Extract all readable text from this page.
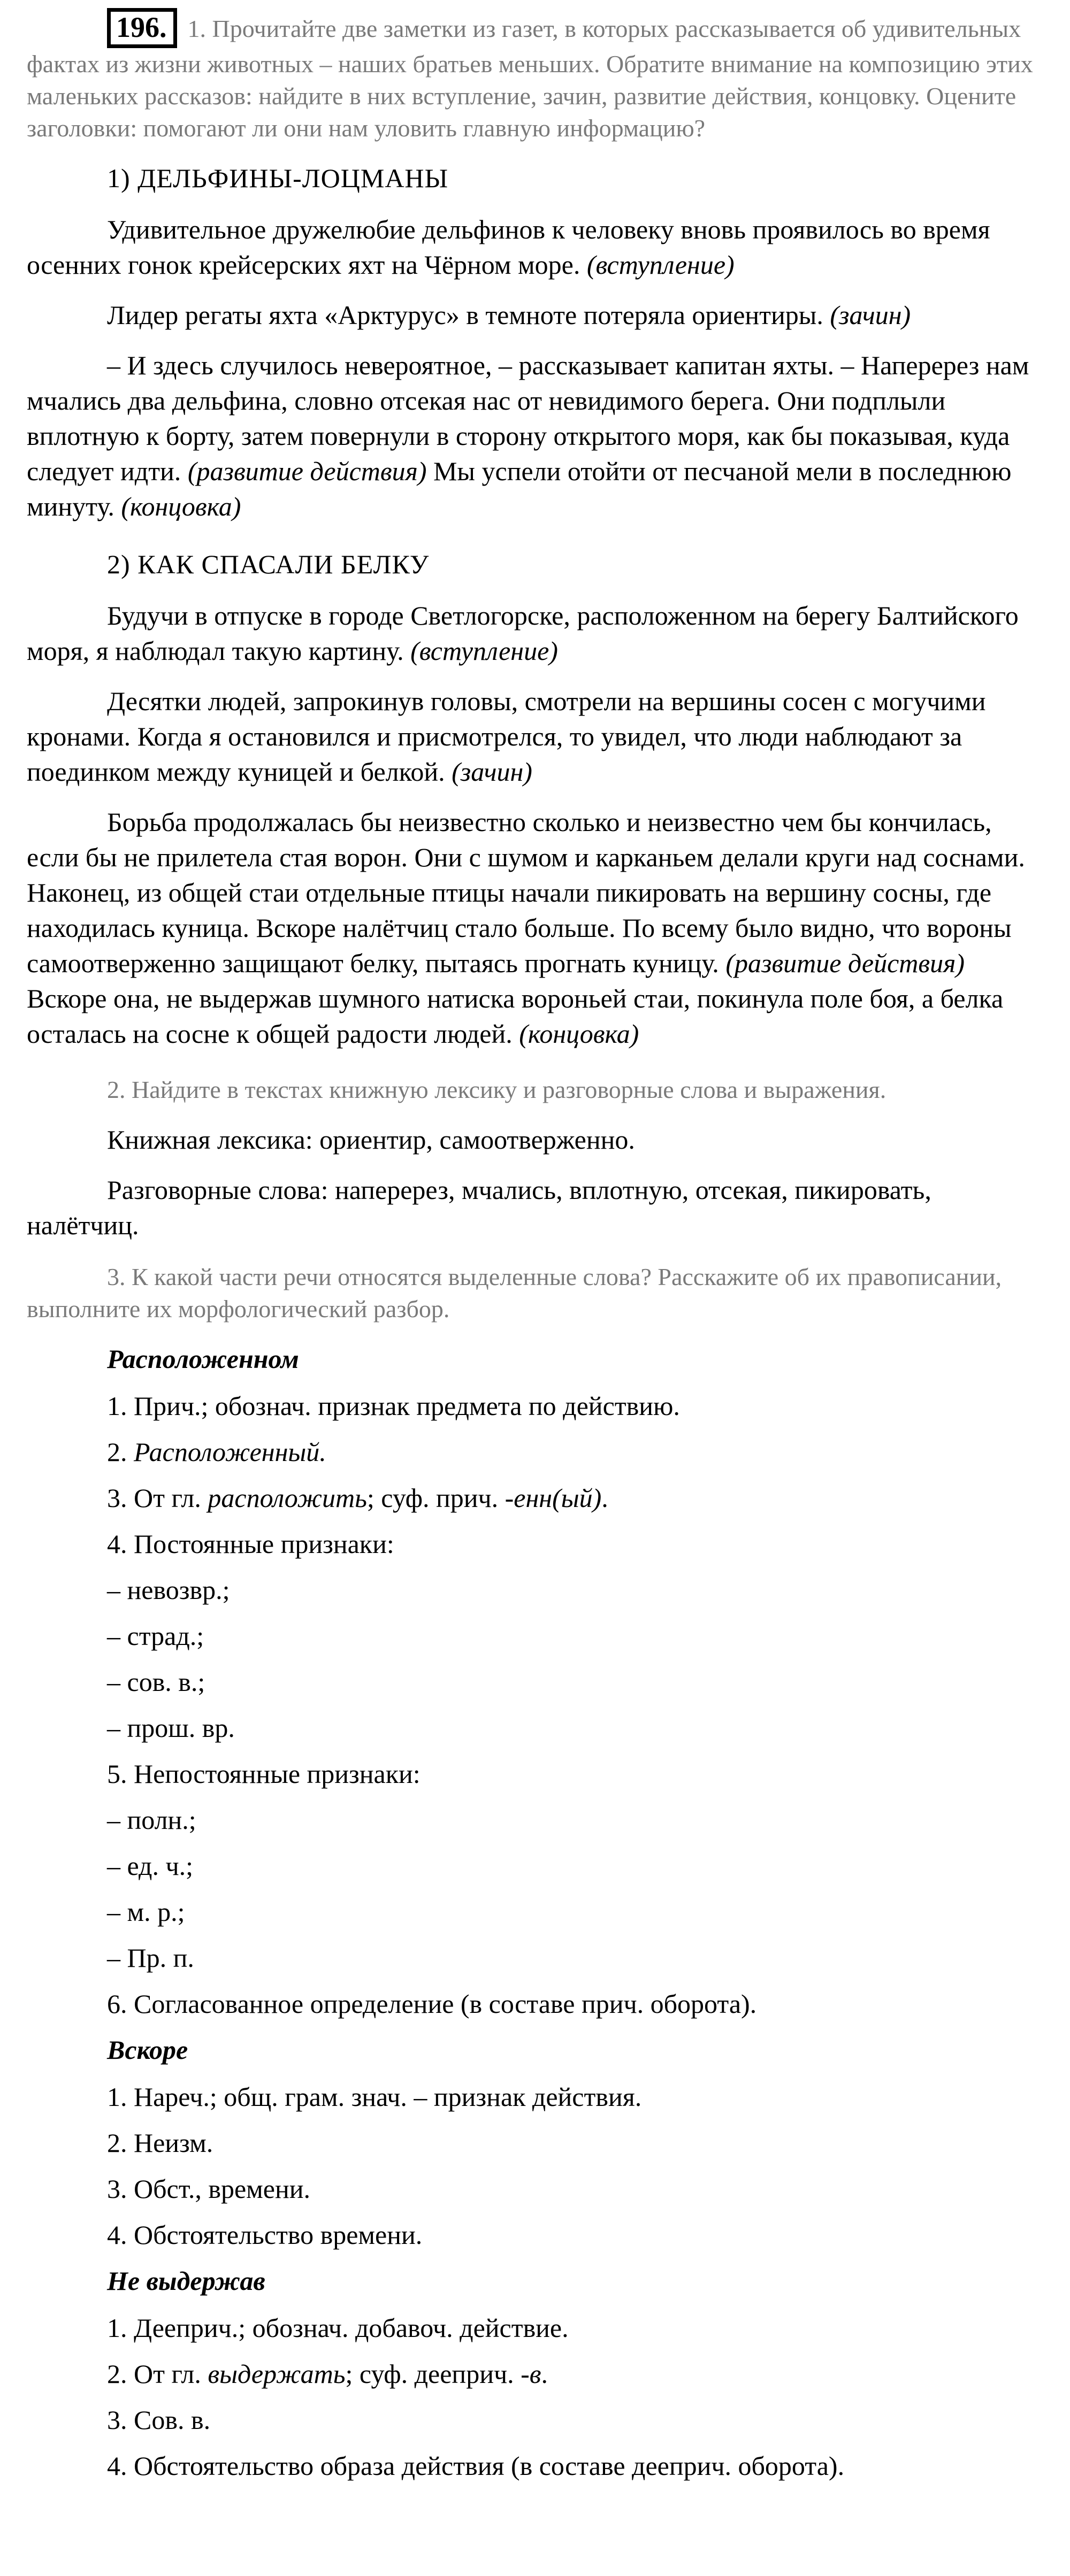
196. 1. Прочитайте две заметки из газет, в которых рассказывается об удивительных фактах из жизни животных – наших братьев меньших. Обратите внимание на композицию этих маленьких рассказов: найдите в них вступление, зачин, развитие действия, концовку. Оцените заголовки: помогают ли они нам уловить главную информацию?

1) ДЕЛЬФИНЫ-ЛОЦМАНЫ

Удивительное дружелюбие дельфинов к человеку вновь проявилось во время осенних гонок крейсерских яхт на Чёрном море. (вступление)

Лидер регаты яхта «Арктурус» в темноте потеряла ориентиры. (зачин)

– И здесь случилось невероятное, – рассказывает капитан яхты. – Наперерез нам мчались два дельфина, словно отсекая нас от невидимого берега. Они подплыли вплотную к борту, затем повернули в сторону открытого моря, как бы показывая, куда следует идти. (развитие действия) Мы успели отойти от песчаной мели в последнюю минуту. (концовка)

2) КАК СПАСАЛИ БЕЛКУ

Будучи в отпуске в городе Светлогорске, расположенном на берегу Балтийского моря, я наблюдал такую картину. (вступление)

Десятки людей, запрокинув головы, смотрели на вершины сосен с могучими кронами. Когда я остановился и присмотрелся, то увидел, что люди наблюдают за поединком между куницей и белкой. (зачин)

Борьба продолжалась бы неизвестно сколько и неизвестно чем бы кончилась, если бы не прилетела стая ворон. Они с шумом и карканьем делали круги над соснами. Наконец, из общей стаи отдельные птицы начали пикировать на вершину сосны, где находилась куница. Вскоре налётчиц стало больше. По всему было видно, что вороны самоотверженно защищают белку, пытаясь прогнать куницу. (развитие действия) Вскоре она, не выдержав шумного натиска вороньей стаи, покинула поле боя, а белка осталась на сосне к общей радости людей. (концовка)

2. Найдите в текстах книжную лексику и разговорные слова и выражения.

Книжная лексика: ориентир, самоотверженно.

Разговорные слова: наперерез, мчались, вплотную, отсекая, пикировать, налётчиц.

3. К какой части речи относятся выделенные слова? Расскажите об их правописании, выполните их морфологический разбор.

Расположенном

1. Прич.; обознач. признак предмета по действию.

2. Расположенный.

3. От гл. расположить; суф. прич. -енн(ый).

4. Постоянные признаки:

– невозвр.;

– страд.;

– сов. в.;

– прош. вр.

5. Непостоянные признаки:

– полн.;

– ед. ч.;

– м. р.;

– Пр. п.

6. Согласованное определение (в составе прич. оборота).

Вскоре

1. Нареч.; общ. грам. знач. – признак действия.

2. Неизм.

3. Обст., времени.

4. Обстоятельство времени.

Не выдержав

1. Дееприч.; обознач. добавоч. действие.

2. От гл. выдержать; суф. дееприч. -в.

3. Сов. в.

4. Обстоятельство образа действия (в составе дееприч. оборота).
